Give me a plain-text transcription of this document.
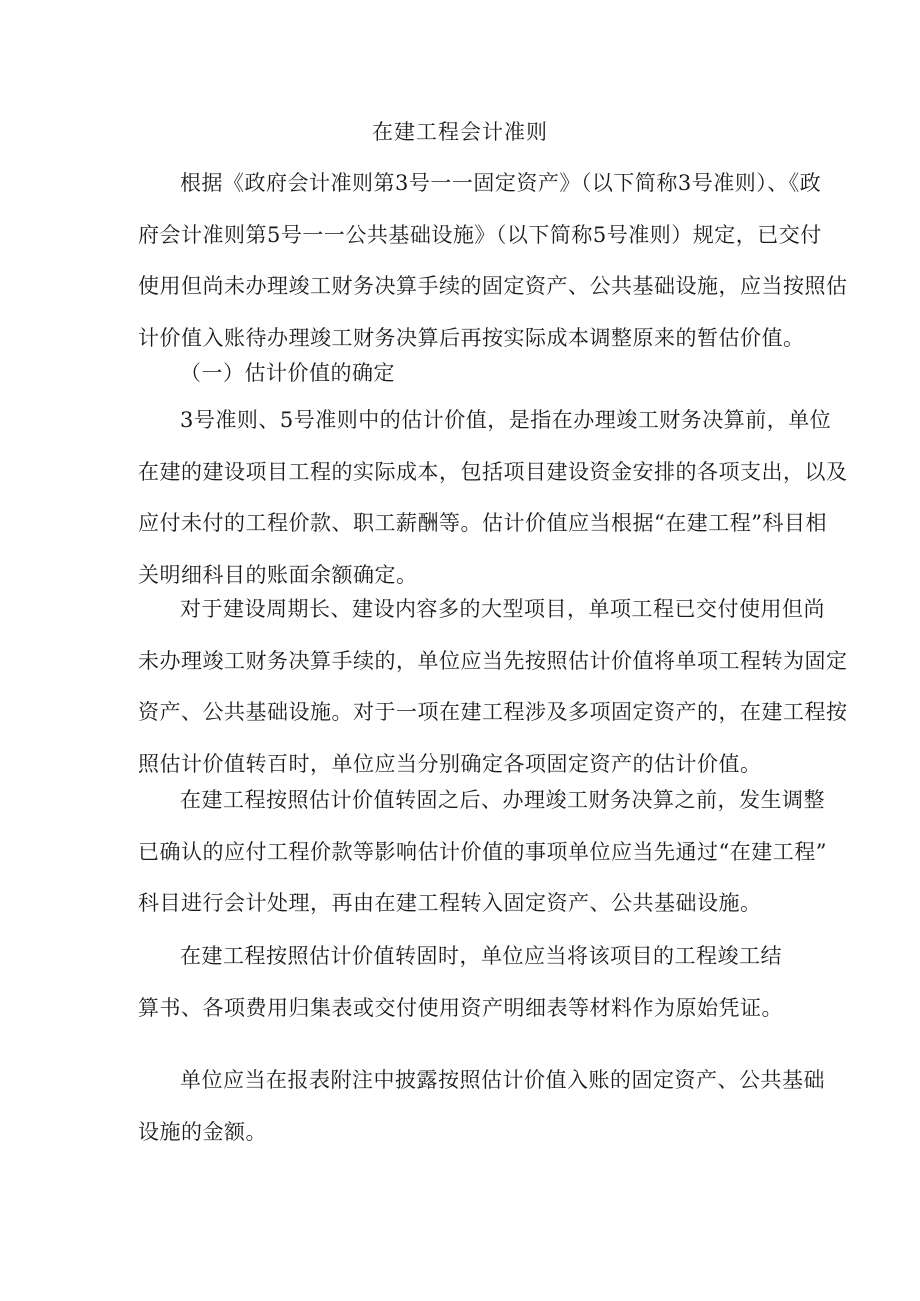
在建工程会计准则
根据《政府会计准则第3号一一固定资产》（以下简称3号准则）、《政
府会计准则第5号一一公共基础设施》（以下简称5号准则）规定，已交付
使用但尚未办理竣工财务决算手续的固定资产、公共基础设施，应当按照估
计价值入账待办理竣工财务决算后再按实际成本调整原来的暂估价值。
（一）估计价值的确定
3号准则、5号准则中的估计价值，是指在办理竣工财务决算前，单位
在建的建设项目工程的实际成本，包括项目建设资金安排的各项支出，以及
应付未付的工程价款、职工薪酬等。估计价值应当根据“在建工程”科目相
关明细科目的账面余额确定。
对于建设周期长、建设内容多的大型项目，单项工程已交付使用但尚
未办理竣工财务决算手续的，单位应当先按照估计价值将单项工程转为固定
资产、公共基础设施。对于一项在建工程涉及多项固定资产的，在建工程按
照估计价值转百时，单位应当分别确定各项固定资产的估计价值。
在建工程按照估计价值转固之后、办理竣工财务决算之前，发生调整
已确认的应付工程价款等影响估计价值的事项单位应当先通过“在建工程”
科目进行会计处理，再由在建工程转入固定资产、公共基础设施。
在建工程按照估计价值转固时，单位应当将该项目的工程竣工结
算书、各项费用归集表或交付使用资产明细表等材料作为原始凭证。
单位应当在报表附注中披露按照估计价值入账的固定资产、公共基础
设施的金额。
